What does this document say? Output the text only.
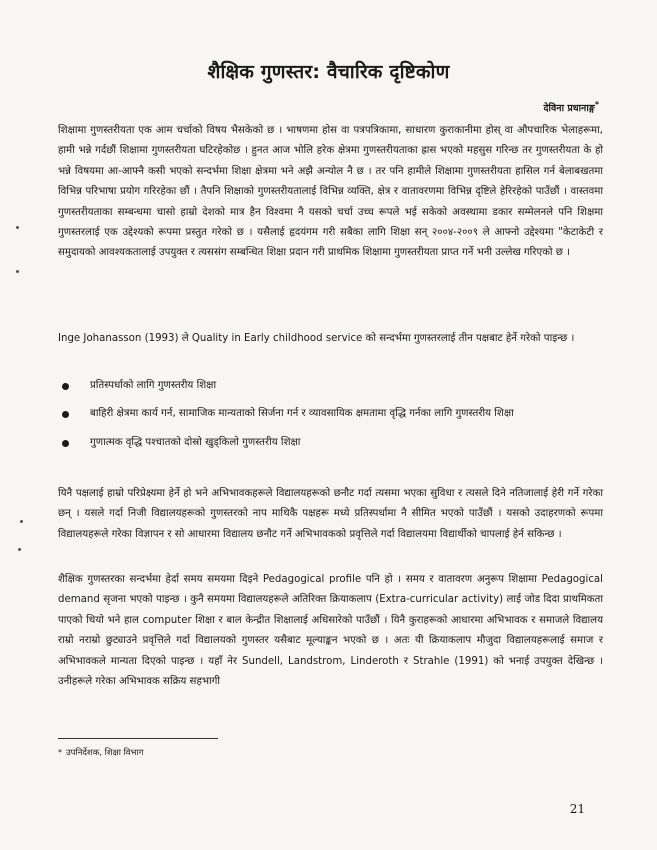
शैक्षिक गुणस्तर: वैचारिक दृष्टिकोण
देविना प्रधानाङ्ग*

शिक्षामा गुणस्तरीयता एक आम चर्चाको विषय भैसकेको छ । भाषणमा होस वा पत्रपत्रिकामा, साधारण कुराकानीमा होस् वा औपचारिक भेलाहरूमा, हामी भन्ने गर्दछौं शिक्षामा गुणस्तरीयता घटिरहेकोछ । हुनत आज भोलि हरेक क्षेत्रमा गुणस्तरीयताका ह्रास भएको महसुस गरिन्छ तर गुणस्तरीयता के हो भन्ने विषयमा आ-आफ्नै कसी भएको सन्दर्भमा शिक्षा क्षेत्रमा भने अझै अन्योल नै छ । तर पनि हामीले शिक्षामा गुणस्तरीयता हासिल गर्न बेलाबखतमा विभिन्न परिभाषा प्रयोग गरिरहेका छौं । तैपनि शिक्षाको गुणस्तरीयतालाई विभिन्न व्यक्ति, क्षेत्र र वातावरणमा विभिन्न दृष्टिले हेरिरहेको पाउँछौं । वास्तवमा गुणस्तरीयताका सम्बन्धमा चासो हाम्रो देशको मात्र हैन विश्वमा नै यसको चर्चा उच्च रूपले भई सकेको अवस्थामा डकार सम्मेलनले पनि शिक्षमा गुणस्तरलाई एक उद्देश्यको रूपमा प्रस्तुत गरेको छ । यसैलाई हृदयंगम गरी सबैका लागि शिक्षा सन् २००४-२००९ ले आफ्नो उद्देश्यमा "केटाकेटी र समुदायको आवश्यकतालाई उपयुक्त र त्यससंग सम्बन्धित शिक्षा प्रदान गरी प्राथमिक शिक्षामा गुणस्तरीयता प्राप्त गर्ने भनी उल्लेख गरिएको छ ।

Inge Johanasson (1993) ले Quality in Early childhood service को सन्दर्भमा गुणस्तरलाई तीन पक्षबाट हेर्ने गरेको पाइन्छ ।

प्रतिस्पर्धाको लागि गुणस्तरीय शिक्षा
बाहिरी क्षेत्रमा कार्य गर्न, सामाजिक मान्यताको सिर्जना गर्न र व्यावसायिक क्षमतामा वृद्धि गर्नका लागि गुणस्तरीय शिक्षा
गुणात्मक वृद्धि पश्चातको दोस्रो खुड्किलो गुणस्तरीय शिक्षा

यिनै पक्षलाई हाम्रो परिप्रेक्ष्यमा हेर्ने हो भने अभिभावकहरूले विद्यालयहरूको छनौट गर्दा त्यसमा भएका सुविधा र त्यसले दिने नतिजालाई हेरी गर्ने गरेका छन् । यसले गर्दा निजी विद्यालयहरूको गुणस्तरको नाप माथिकै पक्षहरू मध्ये प्रतिस्पर्धामा नै सीमित भएको पाउँछौं । यसको उदाहरणको रूपमा विद्यालयहरूले गरेका विज्ञापन र सो आधारमा विद्यालय छनौट गर्ने अभिभावकको प्रवृत्तिले गर्दा विद्यालयमा विद्यार्थीको चापलाई हेर्न सकिन्छ ।

शैक्षिक गुणस्तरका सन्दर्भमा हेर्दा समय समयमा दिइने Pedagogical profile पनि हो । समय र वातावरण अनुरूप शिक्षामा Pedagogical demand सृजना भएको पाइन्छ । कुनै समयमा विद्यालयहरूले अतिरिक्त क्रियाकलाप (Extra-curricular activity) लाई जोड दिदा प्राथमिकता पाएको थियो भने हाल computer शिक्षा र बाल केन्द्रीत शिक्षालाई अधिसारेको पाउँछौं । यिनै कुराहरूको आधारमा अभिभावक र समाजले विद्यालय राम्रो नराम्रो छुट्याउने प्रवृत्तिले गर्दा विद्यालयको गुणस्तर यसैबाट मूल्याङ्कन भएको छ । अतः यी क्रियाकलाप मौजुदा विद्यालयहरूलाई समाज र अभिभावकले मान्यता दिएको पाइन्छ । यहाँ नेर Sundell, Landstrom, Linderoth र Strahle (1991) को भनाई उपयुक्त देखिन्छ । उनीहरूले गरेका अभिभावक सक्रिय सहभागी

* उपनिर्देशक, शिक्षा विभाग
21
